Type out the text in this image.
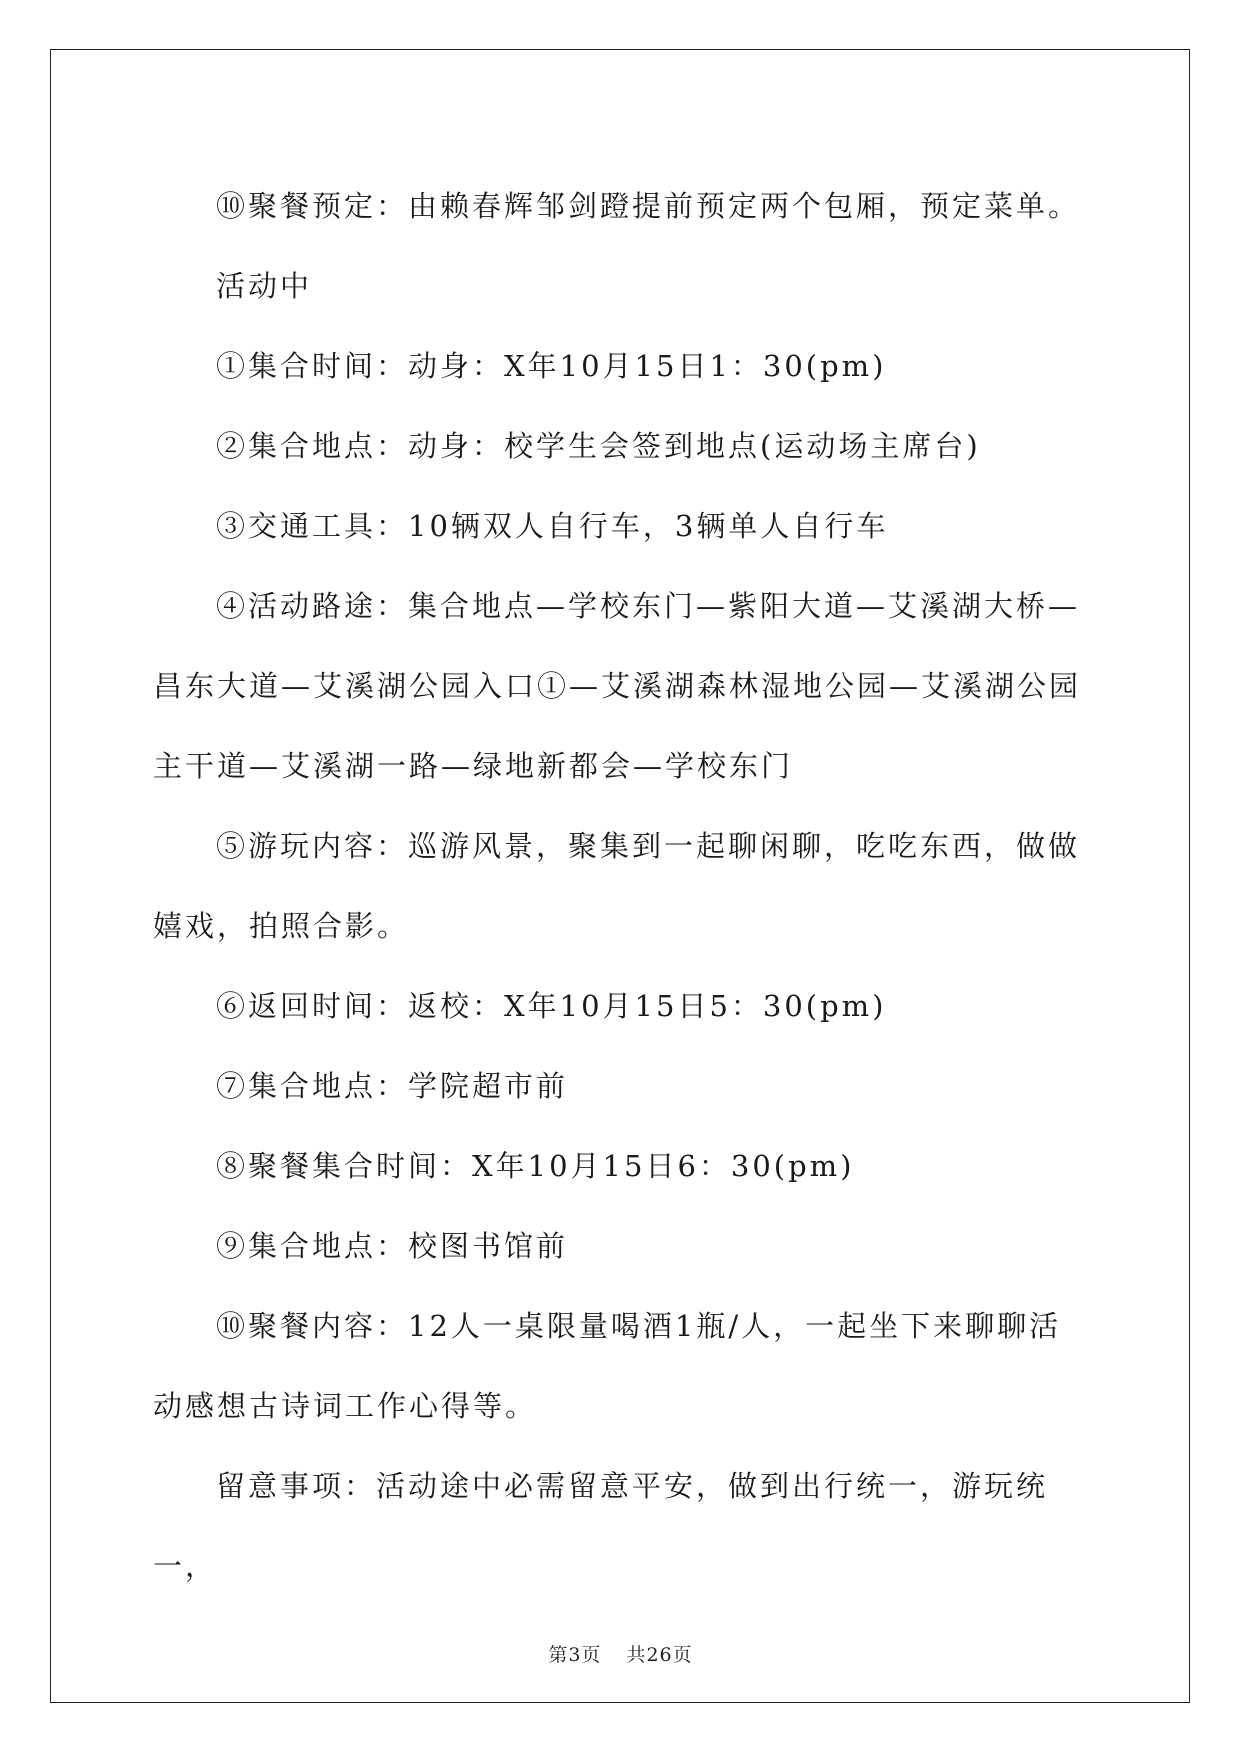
⑩聚餐预定：由赖春辉邹剑蹬提前预定两个包厢，预定菜单。

活动中

①集合时间：动身：X年10月15日1：30(pm)

②集合地点：动身：校学生会签到地点(运动场主席台)

③交通工具：10辆双人自行车，3辆单人自行车

④活动路途：集合地点—学校东门—紫阳大道—艾溪湖大桥—昌东大道—艾溪湖公园入口①—艾溪湖森林湿地公园—艾溪湖公园主干道—艾溪湖一路—绿地新都会—学校东门

⑤游玩内容：巡游风景，聚集到一起聊闲聊，吃吃东西，做做嬉戏，拍照合影。

⑥返回时间：返校：X年10月15日5：30(pm)

⑦集合地点：学院超市前

⑧聚餐集合时间：X年10月15日6：30(pm)

⑨集合地点：校图书馆前

⑩聚餐内容：12人一桌限量喝酒1瓶/人，一起坐下来聊聊活动感想古诗词工作心得等。

留意事项：活动途中必需留意平安，做到出行统一，游玩统一，

第3页 共26页
